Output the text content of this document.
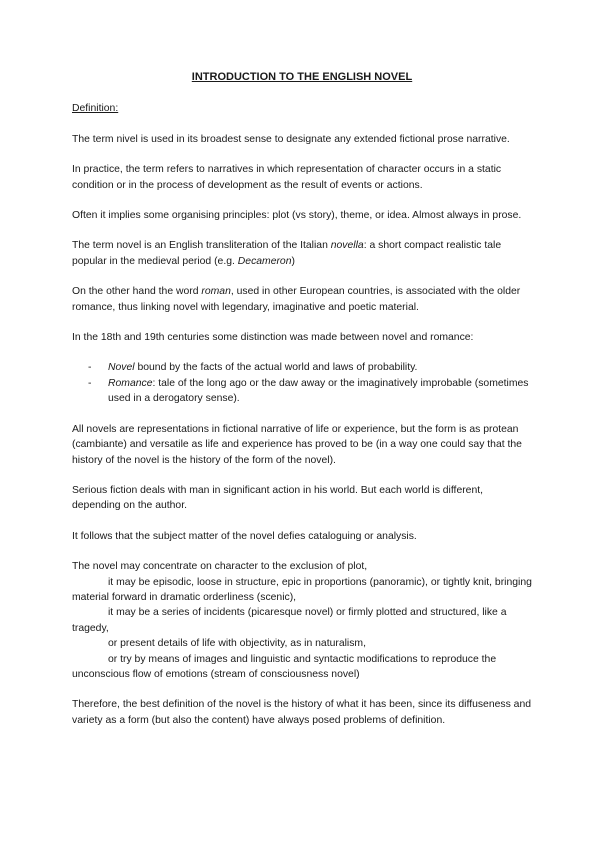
INTRODUCTION TO THE ENGLISH NOVEL
Definition:

The term nivel is used in its broadest sense to designate any extended fictional prose narrative.

In practice, the term refers to narratives in which representation of character occurs in a static condition or in the process of development as the result of events or actions.

Often it implies some organising principles: plot (vs story), theme, or idea. Almost always in prose.

The term novel is an English transliteration of the Italian novella: a short compact realistic tale popular in the medieval period (e.g. Decameron)

On the other hand the word roman, used in other European countries, is associated with the older romance, thus linking novel with legendary, imaginative and poetic material.

In the 18th and 19th centuries some distinction was made between novel and romance:

- Novel bound by the facts of the actual world and laws of probability.
- Romance: tale of the long ago or the daw away or the imaginatively improbable (sometimes used in a derogatory sense).

All novels are representations in fictional narrative of life or experience, but the form is as protean (cambiante) and versatile as life and experience has proved to be (in a way one could say that the history of the novel is the history of the form of the novel).

Serious fiction deals with man in significant action in his world. But each world is different, depending on the author.

It follows that the subject matter of the novel defies cataloguing or analysis.

The novel may concentrate on character to the exclusion of plot,
it may be episodic, loose in structure, epic in proportions (panoramic), or tightly knit, bringing material forward in dramatic orderliness (scenic),
it may be a series of incidents (picaresque novel) or firmly plotted and structured, like a tragedy,
or present details of life with objectivity, as in naturalism,
or try by means of images and linguistic and syntactic modifications to reproduce the unconscious flow of emotions (stream of consciousness novel)

Therefore, the best definition of the novel is the history of what it has been, since its diffuseness and variety as a form (but also the content) have always posed problems of definition.
